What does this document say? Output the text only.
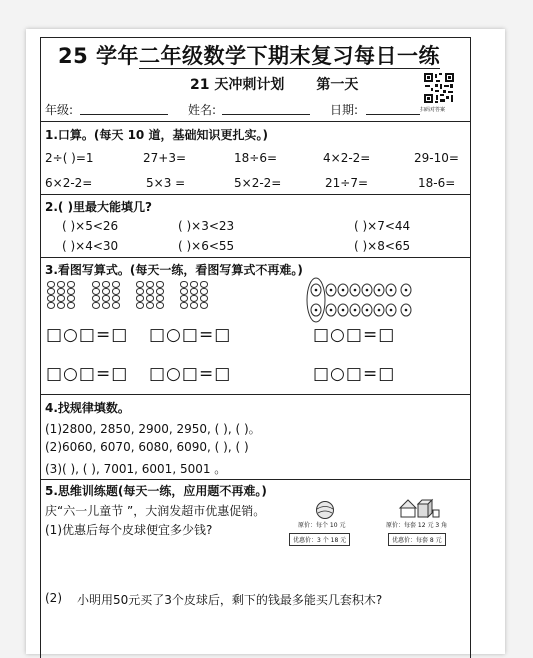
25 学年二年级数学下期末复习每日一练
21 天冲刺计划 第一天
年级:	姓名:	日期:	扫码对答案
1.口算。(每天 10 道，基础知识更扎实。)
2÷( )=1	27+3=	18÷6=	4×2-2=	29-10=
6×2-2=	5×3 =	5×2-2=	21÷7=	18-6=
2.( )里最大能填几?
( )×5<26	( )×3<23	( )×7<44
( )×4<30	( )×6<55	( )×8<65
3.看图写算式。(每天一练，看图写算式不再难。)
□○□=□ □○□=□	□○□=□
□○□=□ □○□=□	□○□=□
4.找规律填数。
(1)2800, 2850, 2900, 2950, ( ), ( )。
(2)6060, 6070, 6080, 6090, ( ), ( )
(3)( ), ( ), 7001, 6001, 5001 。
5.思维训练题(每天一练，应用题不再难。)
庆“六一儿童节 ”，大润发超市优惠促销。
(1)优惠后每个皮球便宜多少钱?	原价：每个 10 元
优惠价：3 个 18 元
原价：每套 12 元 3 角
优惠价：每套 8 元
(2) 小明用50元买了3个皮球后，剩下的钱最多能买几套积木?
